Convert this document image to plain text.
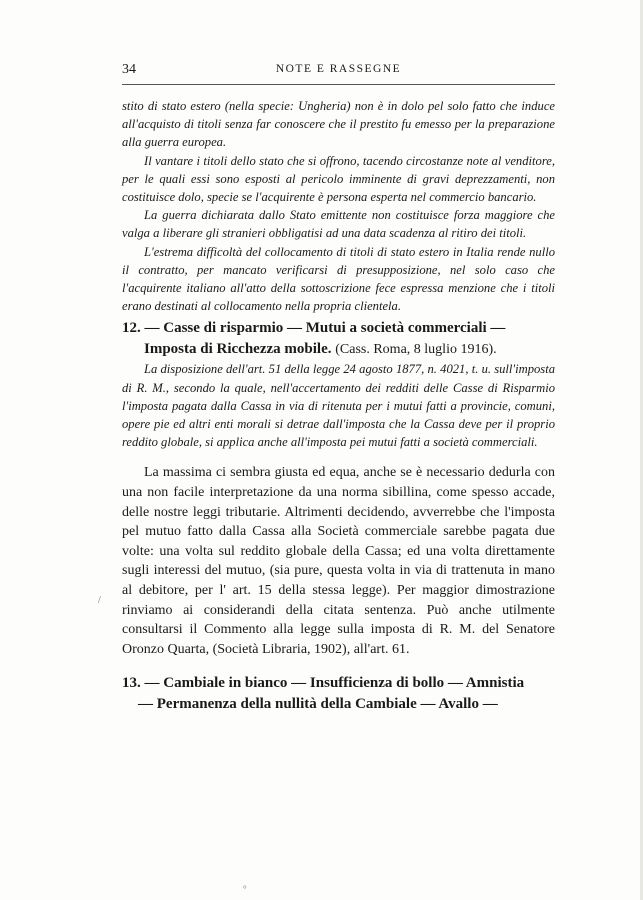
34	NOTE E RASSEGNE

stito di stato estero (nella specie: Ungheria) non è in dolo pel solo fatto che induce all'acquisto di titoli senza far conoscere che il prestito fu emesso per la preparazione alla guerra europea.

Il vantare i titoli dello stato che si offrono, tacendo circostanze note al venditore, per le quali essi sono esposti al pericolo imminente di gravi deprezzamenti, non costituisce dolo, specie se l'acquirente è persona esperta nel commercio bancario.

La guerra dichiarata dallo Stato emittente non costituisce forza maggiore che valga a liberare gli stranieri obbligatisi ad una data scadenza al ritiro dei titoli.

L'estrema difficoltà del collocamento di titoli di stato estero in Italia rende nullo il contratto, per mancato verificarsi di presupposizione, nel solo caso che l'acquirente italiano all'atto della sottoscrizione fece espressa menzione che i titoli erano destinati al collocamento nella propria clientela.

12. — Casse di risparmio — Mutui a società commerciali —
Imposta di Ricchezza mobile. (Cass. Roma, 8 luglio 1916).

La disposizione dell'art. 51 della legge 24 agosto 1877, n. 4021, t. u. sull'imposta di R. M., secondo la quale, nell'accertamento dei redditi delle Casse di Risparmio l'imposta pagata dalla Cassa in via di ritenuta per i mutui fatti a provincie, comuni, opere pie ed altri enti morali si detrae dall'imposta che la Cassa deve per il proprio reddito globale, si applica anche all'imposta pei mutui fatti a società commerciali.

La massima ci sembra giusta ed equa, anche se è necessario dedurla con una non facile interpretazione da una norma sibillina, come spesso accade, delle nostre leggi tributarie. Altrimenti decidendo, avverrebbe che l'imposta pel mutuo fatto dalla Cassa alla Società commerciale sarebbe pagata due volte: una volta sul reddito globale della Cassa; ed una volta direttamente sugli interessi del mutuo, (sia pure, questa volta in via di trattenuta in mano al debitore, per l' art. 15 della stessa legge). Per maggior dimostrazione rinviamo ai considerandi della citata sentenza. Può anche utilmente consultarsi il Commento alla legge sulla imposta di R. M. del Senatore Oronzo Quarta, (Società Libraria, 1902), all'art. 61.

13. — Cambiale in bianco — Insufficienza di bollo — Amnistia
— Permanenza della nullità della Cambiale — Avallo —
/
°
